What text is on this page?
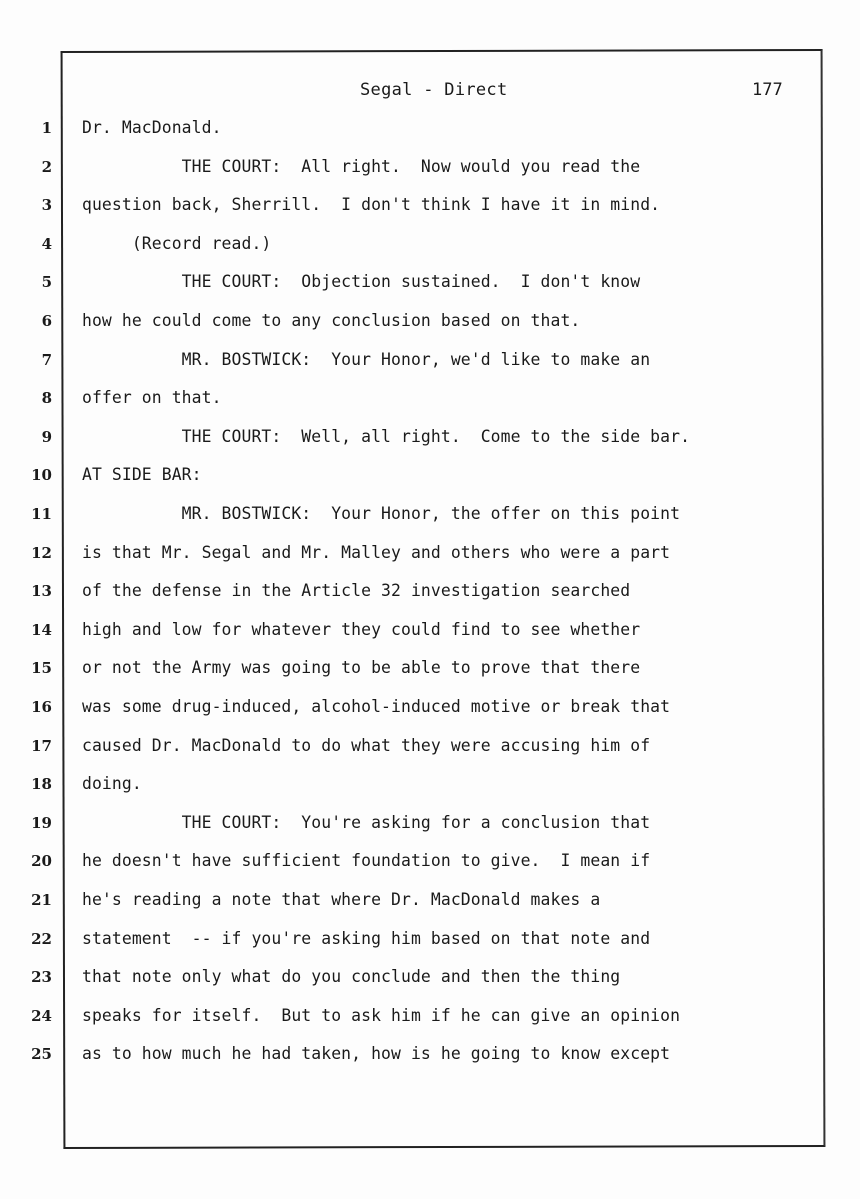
Segal - Direct	177
1 Dr. MacDonald.
2 THE COURT:  All right.  Now would you read the
3 question back, Sherrill.  I don't think I have it in mind.
4 (Record read.)
5 THE COURT:  Objection sustained.  I don't know
6 how he could come to any conclusion based on that.
7 MR. BOSTWICK:  Your Honor, we'd like to make an
8 offer on that.
9 THE COURT:  Well, all right.  Come to the side bar.
10 AT SIDE BAR:
11 MR. BOSTWICK:  Your Honor, the offer on this point
12 is that Mr. Segal and Mr. Malley and others who were a part
13 of the defense in the Article 32 investigation searched
14 high and low for whatever they could find to see whether
15 or not the Army was going to be able to prove that there
16 was some drug-induced, alcohol-induced motive or break that
17 caused Dr. MacDonald to do what they were accusing him of
18 doing.
19 THE COURT:  You're asking for a conclusion that
20 he doesn't have sufficient foundation to give.  I mean if
21 he's reading a note that where Dr. MacDonald makes a
22 statement  -- if you're asking him based on that note and
23 that note only what do you conclude and then the thing
24 speaks for itself.  But to ask him if he can give an opinion
25 as to how much he had taken, how is he going to know except
